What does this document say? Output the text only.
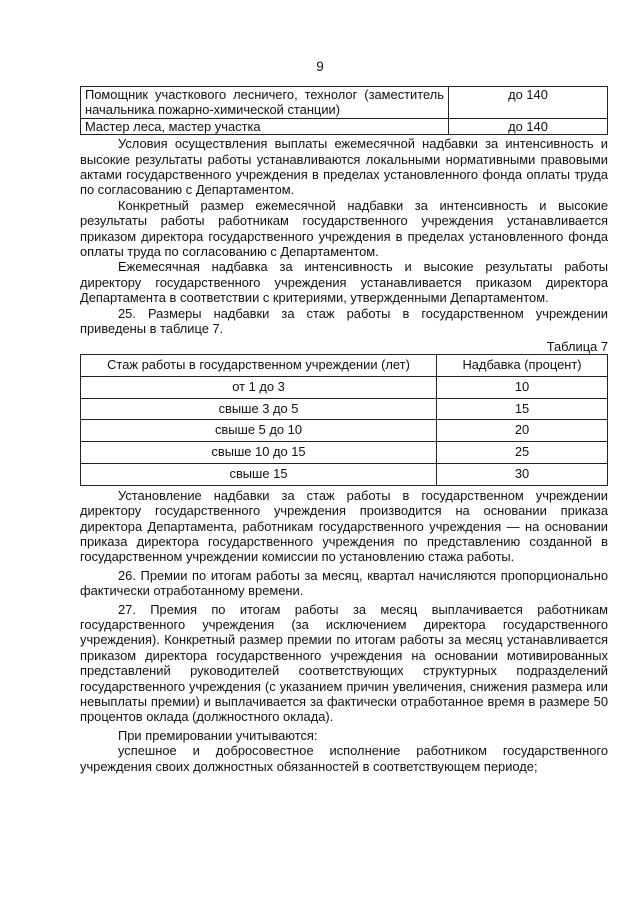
9
Помощник участкового лесничего, технолог (заместитель начальника пожарно-химической станции)	до 140
Мастер леса, мастер участка	до 140

Условия осуществления выплаты ежемесячной надбавки за интенсивность и высокие результаты работы устанавливаются локальными нормативными правовыми актами государственного учреждения в пределах установленного фонда оплаты труда по согласованию с Департаментом.

Конкретный размер ежемесячной надбавки за интенсивность и высокие результаты работы работникам государственного учреждения устанавливается приказом директора государственного учреждения в пределах установленного фонда оплаты труда по согласованию с Департаментом.

Ежемесячная надбавка за интенсивность и высокие результаты работы директору государственного учреждения устанавливается приказом директора Департамента в соответствии с критериями, утвержденными Департаментом.

25. Размеры надбавки за стаж работы в государственном учреждении приведены в таблице 7.

Таблица 7
Стаж работы в государственном учреждении (лет)	Надбавка (процент)
от 1 до 3	10
свыше 3 до 5	15
свыше 5 до 10	20
свыше 10 до 15	25
свыше 15	30

Установление надбавки за стаж работы в государственном учреждении директору государственного учреждения производится на основании приказа директора Департамента, работникам государственного учреждения — на основании приказа директора государственного учреждения по представлению созданной в государственном учреждении комиссии по установлению стажа работы.

26. Премии по итогам работы за месяц, квартал начисляются пропорционально фактически отработанному времени.

27. Премия по итогам работы за месяц выплачивается работникам государственного учреждения (за исключением директора государственного учреждения). Конкретный размер премии по итогам работы за месяц устанавливается приказом директора государственного учреждения на основании мотивированных представлений руководителей соответствующих структурных подразделений государственного учреждения (с указанием причин увеличения, снижения размера или невыплаты премии) и выплачивается за фактически отработанное время в размере 50 процентов оклада (должностного оклада).

При премировании учитываются:

успешное и добросовестное исполнение работником государственного учреждения своих должностных обязанностей в соответствующем периоде;
